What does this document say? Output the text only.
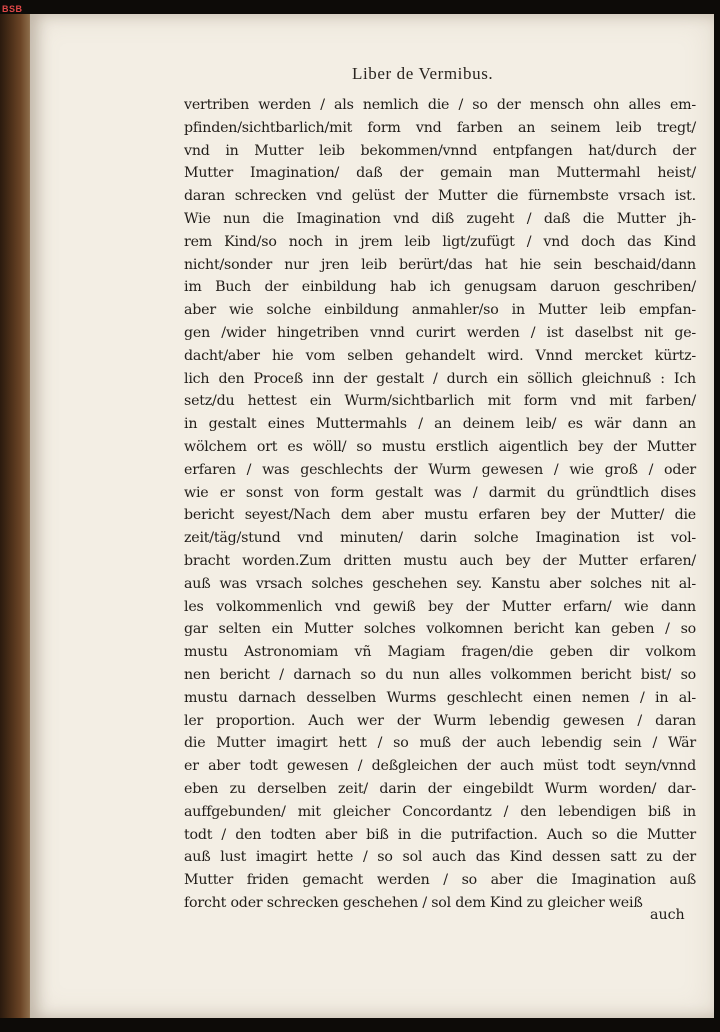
BSB
Liber de Vermibus.
vertriben werden / als nemlich die / so der mensch ohn alles em-
pfinden/sichtbarlich/mit form vnd farben an seinem leib tregt/
vnd in Mutter leib bekommen/vnnd entpfangen hat/durch der
Mutter Imagination/ daß der gemain man Muttermahl heist/
daran schrecken vnd gelüst der Mutter die fürnembste vrsach ist.
Wie nun die Imagination vnd diß zugeht / daß die Mutter jh-
rem Kind/so noch in jrem leib ligt/zufügt / vnd doch das Kind
nicht/sonder nur jren leib berürt/das hat hie sein beschaid/dann
im Buch der einbildung hab ich genugsam daruon geschriben/
aber wie solche einbildung anmahler/so in Mutter leib empfan-
gen /wider hingetriben vnnd curirt werden / ist daselbst nit ge-
dacht/aber hie vom selben gehandelt wird. Vnnd mercket kürtz-
lich den Proceß inn der gestalt / durch ein söllich gleichnuß : Ich
setz/du hettest ein Wurm/sichtbarlich mit form vnd mit farben/
in gestalt eines Muttermahls / an deinem leib/ es wär dann an
wölchem ort es wöll/ so mustu erstlich aigentlich bey der Mutter
erfaren / was geschlechts der Wurm gewesen / wie groß / oder
wie er sonst von form gestalt was / darmit du gründtlich dises
bericht seyest/Nach dem aber mustu erfaren bey der Mutter/ die
zeit/täg/stund vnd minuten/ darin solche Imagination ist vol-
bracht worden.Zum dritten mustu auch bey der Mutter erfaren/
auß was vrsach solches geschehen sey. Kanstu aber solches nit al-
les volkommenlich vnd gewiß bey der Mutter erfarn/ wie dann
gar selten ein Mutter solches volkomnen bericht kan geben / so
mustu Astronomiam vñ Magiam fragen/die geben dir volkom
nen bericht / darnach so du nun alles volkommen bericht bist/ so
mustu darnach desselben Wurms geschlecht einen nemen / in al-
ler proportion. Auch wer der Wurm lebendig gewesen / daran
die Mutter imagirt hett / so muß der auch lebendig sein / Wär
er aber todt gewesen / deßgleichen der auch müst todt seyn/vnnd
eben zu derselben zeit/ darin der eingebildt Wurm worden/ dar-
auffgebunden/ mit gleicher Concordantz / den lebendigen biß in
todt / den todten aber biß in die putrifaction. Auch so die Mutter
auß lust imagirt hette / so sol auch das Kind dessen satt zu der
Mutter friden gemacht werden / so aber die Imagination auß
forcht oder schrecken geschehen / sol dem Kind zu gleicher weiß
auch
